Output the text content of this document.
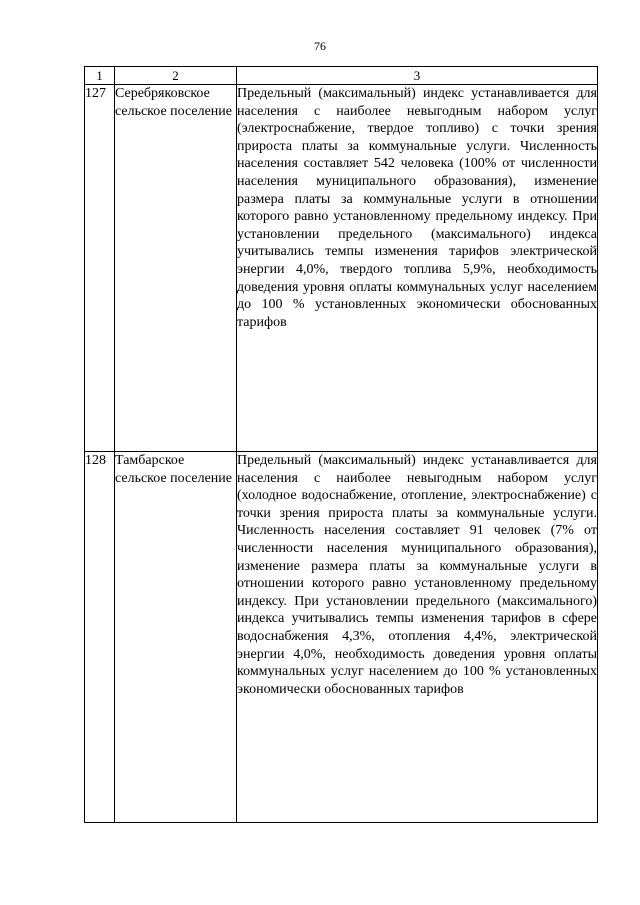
76
1	2	3
127	Серебряковское сельское поселение	Предельный (максимальный) индекс устанавливается для населения с наиболее невыгодным набором услуг (электроснабжение, твердое топливо) с точки зрения прироста платы за коммунальные услуги. Численность населения составляет 542 человека (100% от численности населения муниципального образования), изменение размера платы за коммунальные услуги в отношении которого равно установленному предельному индексу. При установлении предельного (максимального) индекса учитывались темпы изменения тарифов электрической энергии 4,0%, твердого топлива 5,9%, необходимость доведения уровня оплаты коммунальных услуг населением до 100 % установленных экономически обоснованных тарифов
128	Тамбарское сельское поселение	Предельный (максимальный) индекс устанавливается для населения с наиболее невыгодным набором услуг (холодное водоснабжение, отопление, электроснабжение) с точки зрения прироста платы за коммунальные услуги. Численность населения составляет 91 человек (7% от численности населения муниципального образования), изменение размера платы за коммунальные услуги в отношении которого равно установленному предельному индексу. При установлении предельного (максимального) индекса учитывались темпы изменения тарифов в сфере водоснабжения 4,3%, отопления 4,4%, электрической энергии 4,0%, необходимость доведения уровня оплаты коммунальных услуг населением до 100 % установленных экономически обоснованных тарифов
